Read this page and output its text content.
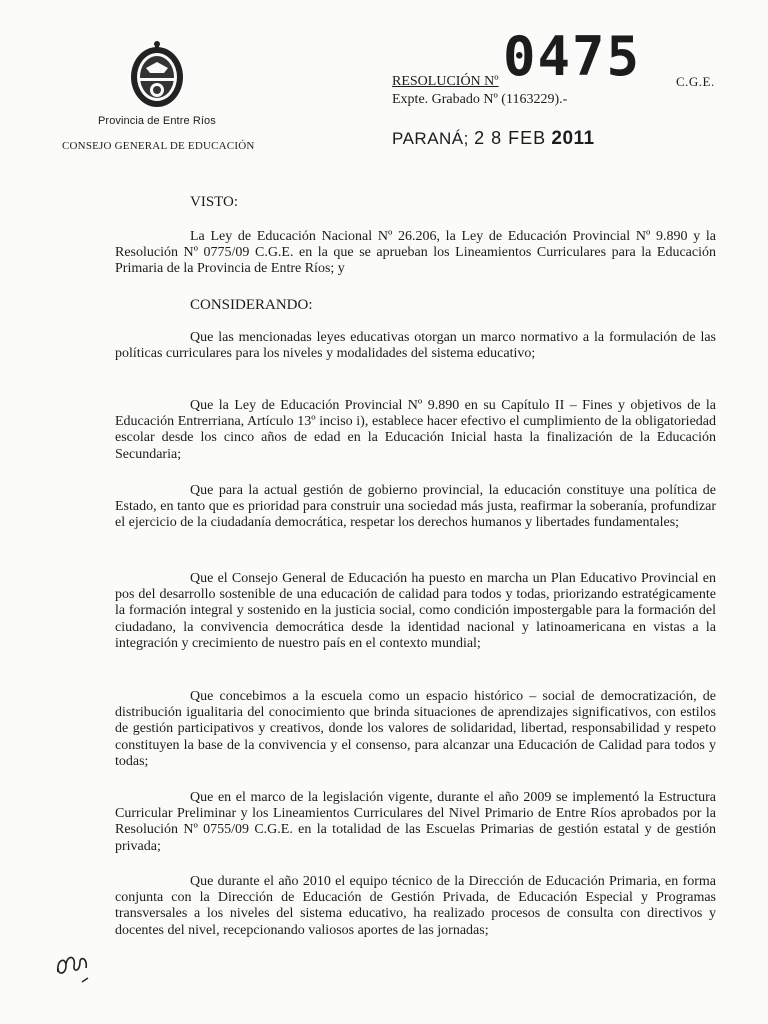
Provincia de Entre Ríos
CONSEJO GENERAL DE EDUCACIÓN
RESOLUCIÓN Nº 0475	C.G.E.
Expte. Grabado Nº (1163229).-
PARANÁ; 2 8 FEB 2011
VISTO:
La Ley de Educación Nacional Nº 26.206, la Ley de Educación Provincial Nº 9.890 y la Resolución Nº 0775/09 C.G.E. en la que se aprueban los Lineamientos Curriculares para la Educación Primaria de la Provincia de Entre Ríos; y
CONSIDERANDO:
Que las mencionadas leyes educativas otorgan un marco normativo a la formulación de las políticas curriculares para los niveles y modalidades del sistema educativo;
Que la Ley de Educación Provincial Nº 9.890 en su Capítulo II – Fines y objetivos de la Educación Entrerriana, Artículo 13º inciso i), establece hacer efectivo el cumplimiento de la obligatoriedad escolar desde los cinco años de edad en la Educación Inicial hasta la finalización de la Educación Secundaria;
Que para la actual gestión de gobierno provincial, la educación constituye una política de Estado, en tanto que es prioridad para construir una sociedad más justa, reafirmar la soberanía, profundizar el ejercicio de la ciudadanía democrática, respetar los derechos humanos y libertades fundamentales;
Que el Consejo General de Educación ha puesto en marcha un Plan Educativo Provincial en pos del desarrollo sostenible de una educación de calidad para todos y todas, priorizando estratégicamente la formación integral y sostenido en la justicia social, como condición impostergable para la formación del ciudadano, la convivencia democrática desde la identidad nacional y latinoamericana en vistas a la integración y crecimiento de nuestro país en el contexto mundial;
Que concebimos a la escuela como un espacio histórico – social de democratización, de distribución igualitaria del conocimiento que brinda situaciones de aprendizajes significativos, con estilos de gestión participativos y creativos, donde los valores de solidaridad, libertad, responsabilidad y respeto constituyen la base de la convivencia y el consenso, para alcanzar una Educación de Calidad para todos y todas;
Que en el marco de la legislación vigente, durante el año 2009 se implementó la Estructura Curricular Preliminar y los Lineamientos Curriculares del Nivel Primario de Entre Ríos aprobados por la Resolución Nº 0755/09 C.G.E. en la totalidad de las Escuelas Primarias de gestión estatal y de gestión privada;
Que durante el año 2010 el equipo técnico de la Dirección de Educación Primaria, en forma conjunta con la Dirección de Educación de Gestión Privada, de Educación Especial y Programas transversales a los niveles del sistema educativo, ha realizado procesos de consulta con directivos y docentes del nivel, recepcionando valiosos aportes de las jornadas;
